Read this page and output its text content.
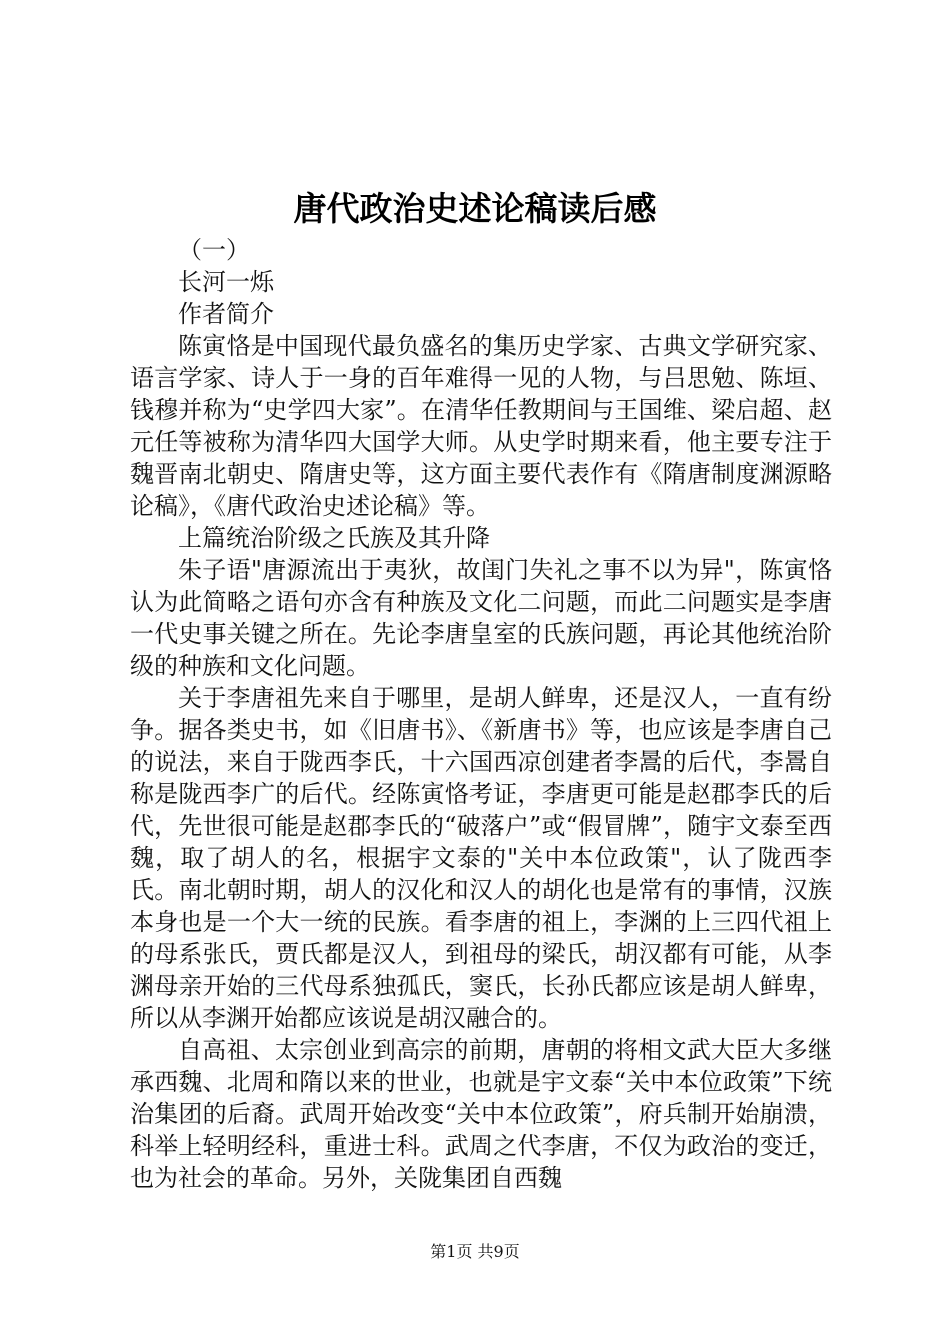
唐代政治史述论稿读后感

（一）

长河一烁

作者简介

陈寅恪是中国现代最负盛名的集历史学家、古典文学研究家、语言学家、诗人于一身的百年难得一见的人物，与吕思勉、陈垣、钱穆并称为“史学四大家”。在清华任教期间与王国维、梁启超、赵元任等被称为清华四大国学大师。从史学时期来看，他主要专注于魏晋南北朝史、隋唐史等，这方面主要代表作有《隋唐制度渊源略论稿》，《唐代政治史述论稿》等。

上篇统治阶级之氏族及其升降

朱子语"唐源流出于夷狄，故闺门失礼之事不以为异"，陈寅恪认为此简略之语句亦含有种族及文化二问题，而此二问题实是李唐一代史事关键之所在。先论李唐皇室的氏族问题，再论其他统治阶级的种族和文化问题。

关于李唐祖先来自于哪里，是胡人鲜卑，还是汉人，一直有纷争。据各类史书，如《旧唐书》、《新唐书》等，也应该是李唐自己的说法，来自于陇西李氏，十六国西凉创建者李暠的后代，李暠自称是陇西李广的后代。经陈寅恪考证，李唐更可能是赵郡李氏的后代，先世很可能是赵郡李氏的“破落户”或“假冒牌”，随宇文泰至西魏，取了胡人的名，根据宇文泰的"关中本位政策"，认了陇西李氏。南北朝时期，胡人的汉化和汉人的胡化也是常有的事情，汉族本身也是一个大一统的民族。看李唐的祖上，李渊的上三四代祖上的母系张氏，贾氏都是汉人，到祖母的梁氏，胡汉都有可能，从李渊母亲开始的三代母系独孤氏，窦氏，长孙氏都应该是胡人鲜卑，所以从李渊开始都应该说是胡汉融合的。

自高祖、太宗创业到高宗的前期，唐朝的将相文武大臣大多继承西魏、北周和隋以来的世业，也就是宇文泰“关中本位政策”下统治集团的后裔。武周开始改变“关中本位政策”，府兵制开始崩溃，科举上轻明经科，重进士科。武周之代李唐，不仅为政治的变迁，也为社会的革命。另外，关陇集团自西魏

第1页 共9页
